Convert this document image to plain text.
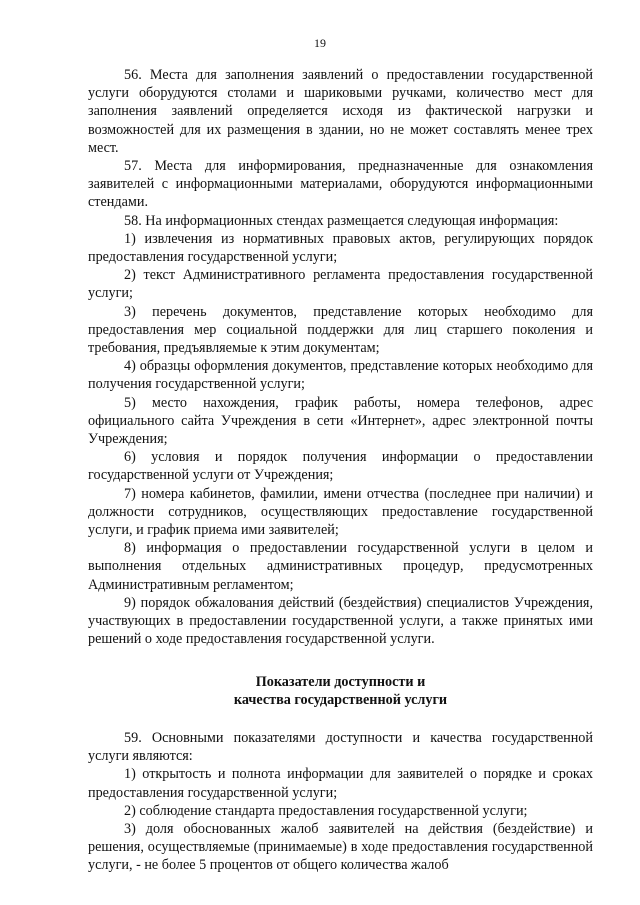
19

56. Места для заполнения заявлений о предоставлении государственной услуги оборудуются столами и шариковыми ручками, количество мест для заполнения заявлений определяется исходя из фактической нагрузки и возможностей для их размещения в здании, но не может составлять менее трех мест.

57. Места для информирования, предназначенные для ознакомления заявителей с информационными материалами, оборудуются информационными стендами.

58. На информационных стендах размещается следующая информация:

1) извлечения из нормативных правовых актов, регулирующих порядок предоставления государственной услуги;

2) текст Административного регламента предоставления государственной услуги;

3) перечень документов, представление которых необходимо для предоставления мер социальной поддержки для лиц старшего поколения и требования, предъявляемые к этим документам;

4) образцы оформления документов, представление которых необходимо для получения государственной услуги;

5) место нахождения, график работы, номера телефонов, адрес официального сайта Учреждения в сети «Интернет», адрес электронной почты Учреждения;

6) условия и порядок получения информации о предоставлении государственной услуги от Учреждения;

7) номера кабинетов, фамилии, имени отчества (последнее при наличии) и должности сотрудников, осуществляющих предоставление государственной услуги, и график приема ими заявителей;

8) информация о предоставлении государственной услуги в целом и выполнения отдельных административных процедур, предусмотренных Административным регламентом;

9) порядок обжалования действий (бездействия) специалистов Учреждения, участвующих в предоставлении государственной услуги, а также принятых ими решений о ходе предоставления государственной услуги.

Показатели доступности и
качества государственной услуги

59. Основными показателями доступности и качества государственной услуги являются:

1) открытость и полнота информации для заявителей о порядке и сроках предоставления государственной услуги;

2) соблюдение стандарта предоставления государственной услуги;

3) доля обоснованных жалоб заявителей на действия (бездействие) и решения, осуществляемые (принимаемые) в ходе предоставления государственной услуги, - не более 5 процентов от общего количества жалоб
